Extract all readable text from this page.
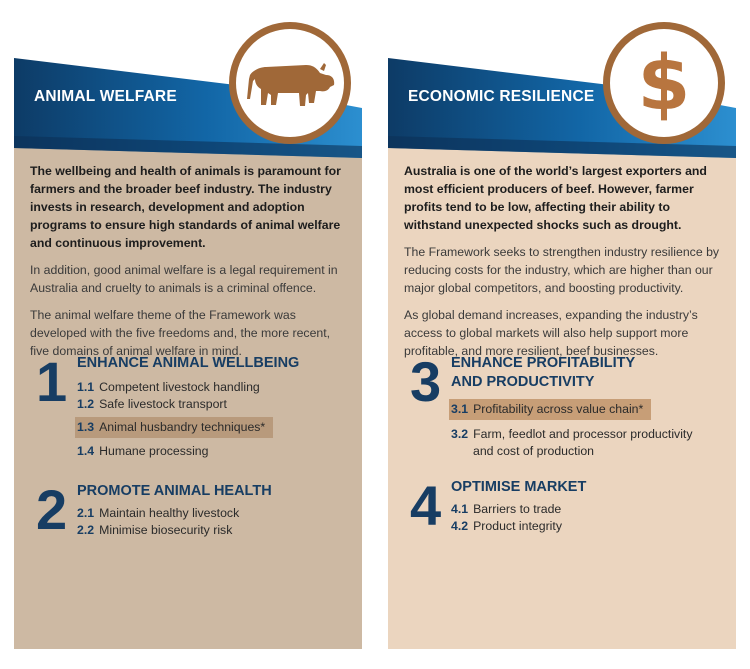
ANIMAL WELFARE

The wellbeing and health of animals is paramount for farmers and the broader beef industry. The industry invests in research, development and adoption programs to ensure high standards of animal welfare and continuous improvement.

In addition, good animal welfare is a legal requirement in Australia and cruelty to animals is a criminal offence.

The animal welfare theme of the Framework was developed with the five freedoms and, the more recent, five domains of animal welfare in mind.

1 ENHANCE ANIMAL WELLBEING

1.1 Competent livestock handling

1.2 Safe livestock transport

1.3 Animal husbandry techniques*

1.4 Humane processing

2 PROMOTE ANIMAL HEALTH

2.1 Maintain healthy livestock

2.2 Minimise biosecurity risk

ECONOMIC RESILIENCE $

Australia is one of the world’s largest exporters and most efficient producers of beef. However, farmer profits tend to be low, affecting their ability to withstand unexpected shocks such as drought.

The Framework seeks to strengthen industry resilience by reducing costs for the industry, which are higher than our major global competitors, and boosting productivity.

As global demand increases, expanding the industry’s access to global markets will also help support more profitable, and more resilient, beef businesses.

3 ENHANCE PROFITABILITY
AND PRODUCTIVITY

3.1 Profitability across value chain*

3.2 Farm, feedlot and processor productivity
and cost of production

4 OPTIMISE MARKET

4.1 Barriers to trade

4.2 Product integrity
